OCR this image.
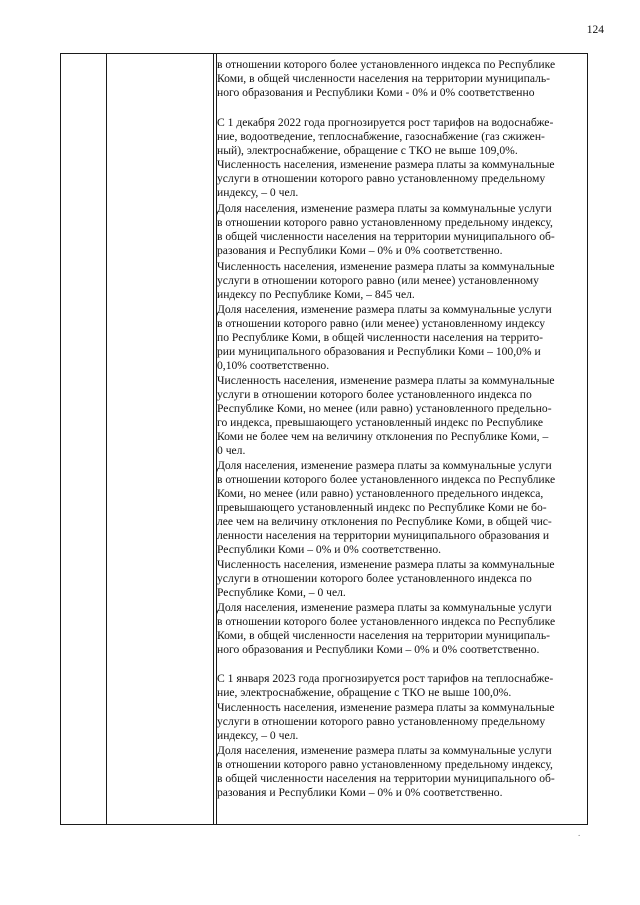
124
в отношении которого более установленного индекса по Республике
Коми, в общей численности населения на территории муниципаль-
ного образования и Республики Коми - 0% и 0% соответственно
С 1 декабря 2022 года прогнозируется рост тарифов на водоснабже-
ние, водоотведение, теплоснабжение, газоснабжение (газ сжижен-
ный), электроснабжение, обращение с ТКО не выше 109,0%.
Численность населения, изменение размера платы за коммунальные
услуги в отношении которого равно установленному предельному
индексу, – 0 чел.
Доля населения, изменение размера платы за коммунальные услуги
в отношении которого равно установленному предельному индексу,
в общей численности населения на территории муниципального об-
разования и Республики Коми – 0% и 0% соответственно.
Численность населения, изменение размера платы за коммунальные
услуги в отношении которого равно (или менее) установленному
индексу по Республике Коми, – 845 чел.
Доля населения, изменение размера платы за коммунальные услуги
в отношении которого равно (или менее) установленному индексу
по Республике Коми, в общей численности населения на террито-
рии муниципального образования и Республики Коми – 100,0% и
0,10% соответственно.
Численность населения, изменение размера платы за коммунальные
услуги в отношении которого более установленного индекса по
Республике Коми, но менее (или равно) установленного предельно-
го индекса, превышающего установленный индекс по Республике
Коми не более чем на величину отклонения по Республике Коми, –
0 чел.
Доля населения, изменение размера платы за коммунальные услуги
в отношении которого более установленного индекса по Республике
Коми, но менее (или равно) установленного предельного индекса,
превышающего установленный индекс по Республике Коми не бо-
лее чем на величину отклонения по Республике Коми, в общей чис-
ленности населения на территории муниципального образования и
Республики Коми – 0% и 0% соответственно.
Численность населения, изменение размера платы за коммунальные
услуги в отношении которого более установленного индекса по
Республике Коми, – 0 чел.
Доля населения, изменение размера платы за коммунальные услуги
в отношении которого более установленного индекса по Республике
Коми, в общей численности населения на территории муниципаль-
ного образования и Республики Коми – 0% и 0% соответственно.
С 1 января 2023 года прогнозируется рост тарифов на теплоснабже-
ние, электроснабжение, обращение с ТКО не выше 100,0%.
Численность населения, изменение размера платы за коммунальные
услуги в отношении которого равно установленному предельному
индексу, – 0 чел.
Доля населения, изменение размера платы за коммунальные услуги
в отношении которого равно установленному предельному индексу,
в общей численности населения на территории муниципального об-
разования и Республики Коми – 0% и 0% соответственно.
.
